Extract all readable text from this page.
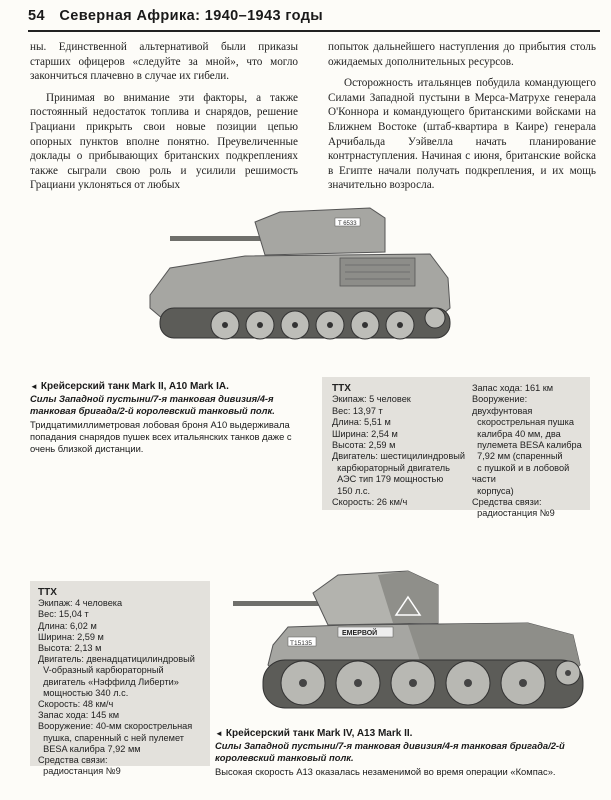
54 Северная Африка: 1940–1943 годы

ны. Единственной альтернативой были приказы старших офицеров «следуйте за мной», что могло закончиться плачевно в случае их гибели.

Принимая во внимание эти факторы, а также постоянный недостаток топлива и снарядов, решение Грациани прикрыть свои новые позиции цепью опорных пунктов вполне понятно. Преувеличенные доклады о прибывающих британских подкреплениях также сыграли свою роль и усилили решимость Грациани уклоняться от любых

попыток дальнейшего наступления до прибытия столь ожидаемых дополнительных ресурсов.

Осторожность итальянцев побудила командующего Силами Западной пустыни в Мерса-Матрухе генерала О'Коннора и командующего британскими войсками на Ближнем Востоке (штаб-квартира в Каире) генерала Арчибальда Уэйвелла начать планирование контрнаступления. Начиная с июня, британские войска в Египте начали получать подкрепления, и их мощь значительно возросла.

T 6533
◄ Крейсерский танк Mark II, A10 Mark IA.
Силы Западной пустыни/7-я танковая дивизия/4-я танковая бригада/2-й королевский танковый полк.
Тридцатимиллиметровая лобовая броня A10 выдерживала попадания снарядов пушек всех итальянских танков даже с очень близкой дистанции.
ТТХ
Экипаж: 5 человек
Вес: 13,97 т
Длина: 5,51 м
Ширина: 2,54 м
Высота: 2,59 м
Двигатель: шестицилиндровый
карбюраторный двигатель
АЭС тип 179 мощностью
150 л.с.
Скорость: 26 км/ч
Запас хода: 161 км
Вооружение: двухфунтовая
скорострельная пушка
калибра 40 мм, два
пулемета BESA калибра
7,92 мм (спаренный
с пушкой и в лобовой части
корпуса)
Средства связи:
радиостанция №9
T15135
ЕМЕРВОЙ
ТТХ
Экипаж: 4 человека
Вес: 15,04 т
Длина: 6,02 м
Ширина: 2,59 м
Высота: 2,13 м
Двигатель: двенадцатицилиндровый
V-образный карбюраторный
двигатель «Нэффилд Либерти»
мощностью 340 л.с.
Скорость: 48 км/ч
Запас хода: 145 км
Вооружение: 40-мм скорострельная
пушка, спаренный с ней пулемет
BESA калибра 7,92 мм
Средства связи:
радиостанция №9
◄ Крейсерский танк Mark IV, A13 Mark II.
Силы Западной пустыни/7-я танковая дивизия/4-я танковая бригада/2-й королевский танковый полк.
Высокая скорость A13 оказалась незаменимой во время операции «Компас».
